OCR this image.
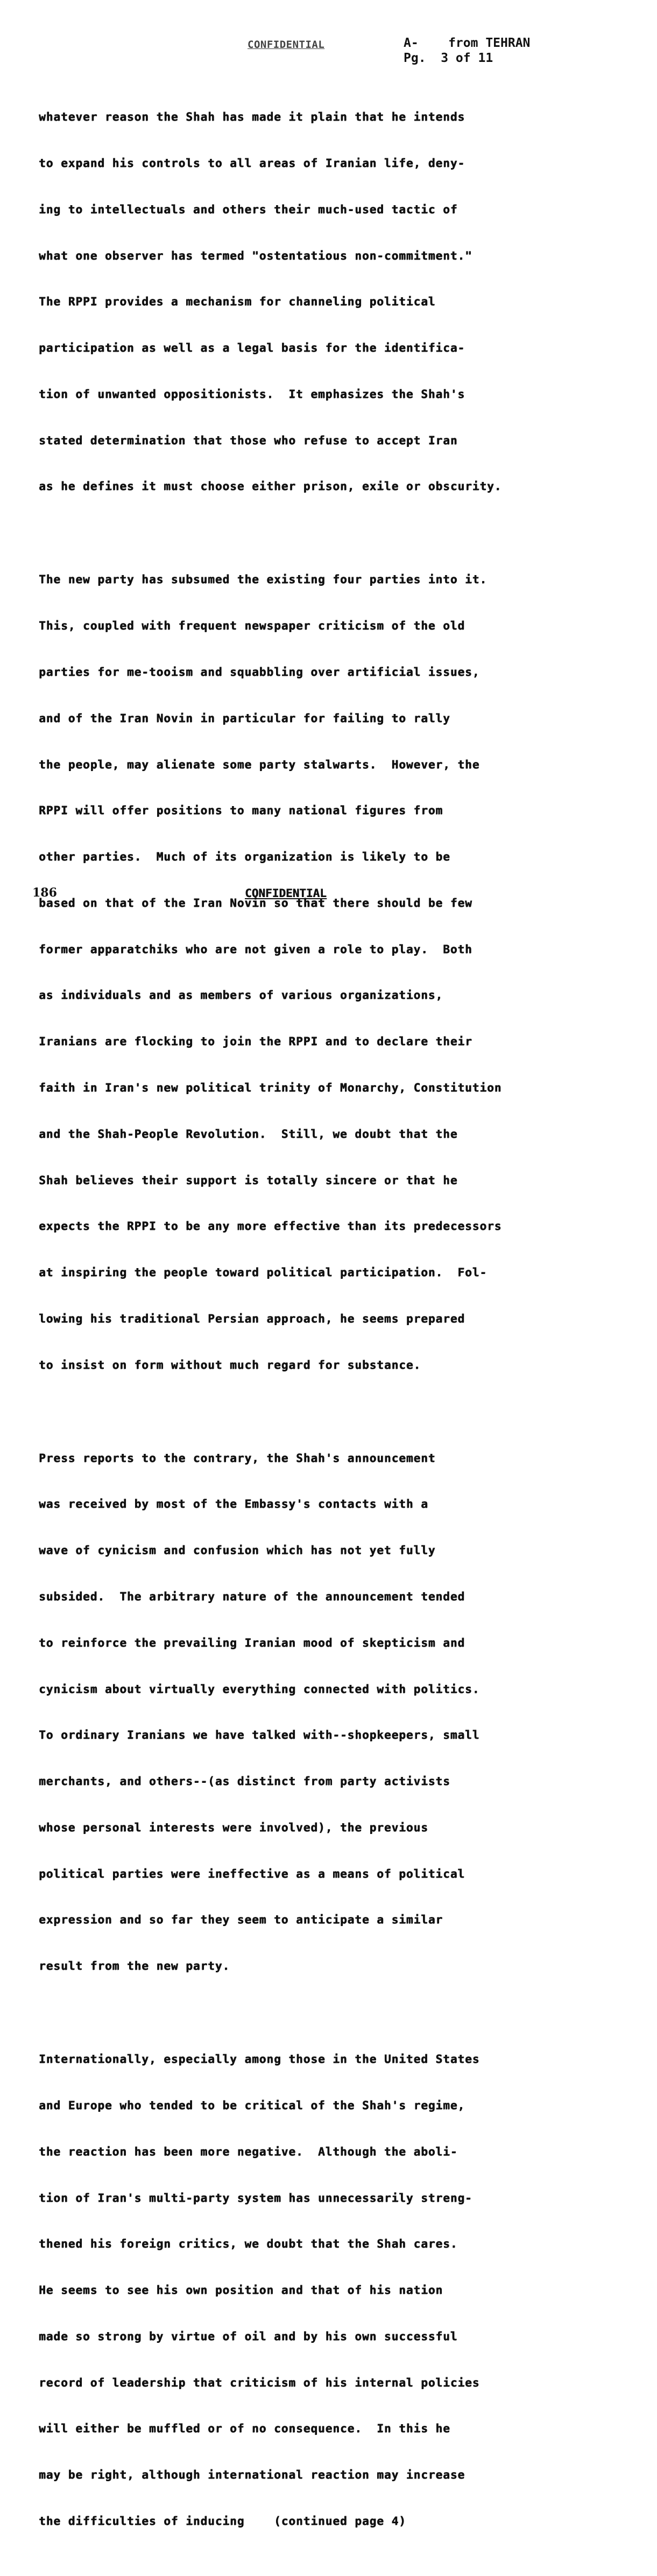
CONFIDENTIAL	A-    from TEHRAN
Pg.  3 of 11

whatever reason the Shah has made it plain that he intends

to expand his controls to all areas of Iranian life, deny-

ing to intellectuals and others their much-used tactic of

what one observer has termed "ostentatious non-commitment."

The RPPI provides a mechanism for channeling political

participation as well as a legal basis for the identifica-

tion of unwanted oppositionists.  It emphasizes the Shah's

stated determination that those who refuse to accept Iran

as he defines it must choose either prison, exile or obscurity.

The new party has subsumed the existing four parties into it.

This, coupled with frequent newspaper criticism of the old

parties for me-tooism and squabbling over artificial issues,

and of the Iran Novin in particular for failing to rally

the people, may alienate some party stalwarts.  However, the

RPPI will offer positions to many national figures from

other parties.  Much of its organization is likely to be

based on that of the Iran Novin so that there should be few

former apparatchiks who are not given a role to play.  Both

as individuals and as members of various organizations,

Iranians are flocking to join the RPPI and to declare their

faith in Iran's new political trinity of Monarchy, Constitution

and the Shah-People Revolution.  Still, we doubt that the

Shah believes their support is totally sincere or that he

expects the RPPI to be any more effective than its predecessors

at inspiring the people toward political participation.  Fol-

lowing his traditional Persian approach, he seems prepared

to insist on form without much regard for substance.

Press reports to the contrary, the Shah's announcement

was received by most of the Embassy's contacts with a

wave of cynicism and confusion which has not yet fully

subsided.  The arbitrary nature of the announcement tended

to reinforce the prevailing Iranian mood of skepticism and

cynicism about virtually everything connected with politics.

To ordinary Iranians we have talked with--shopkeepers, small

merchants, and others--(as distinct from party activists

whose personal interests were involved), the previous

political parties were ineffective as a means of political

expression and so far they seem to anticipate a similar

result from the new party.

Internationally, especially among those in the United States

and Europe who tended to be critical of the Shah's regime,

the reaction has been more negative.  Although the aboli-

tion of Iran's multi-party system has unnecessarily streng-

thened his foreign critics, we doubt that the Shah cares.

He seems to see his own position and that of his nation

made so strong by virtue of oil and by his own successful

record of leadership that criticism of his internal policies

will either be muffled or of no consequence.  In this he

may be right, although international reaction may increase

the difficulties of inducing    (continued page 4)

186	CONFIDENTIAL
